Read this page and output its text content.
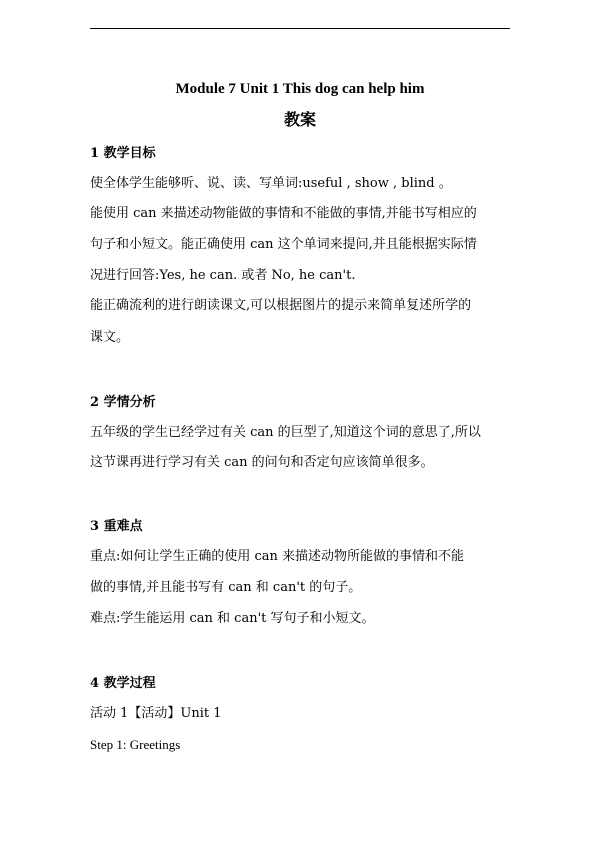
Module 7 Unit 1 This dog can help him
教案
1 教学目标
使全体学生能够听、说、读、写单词:useful , show , blind 。
能使用 can 来描述动物能做的事情和不能做的事情,并能书写相应的
句子和小短文。能正确使用 can 这个单词来提问,并且能根据实际情
况进行回答:Yes, he can. 或者 No, he can't.
能正确流利的进行朗读课文,可以根据图片的提示来简单复述所学的
课文。
2 学情分析
五年级的学生已经学过有关 can 的巨型了,知道这个词的意思了,所以
这节课再进行学习有关 can 的问句和否定句应该简单很多。
3 重难点
重点:如何让学生正确的使用 can 来描述动物所能做的事情和不能
做的事情,并且能书写有 can 和 can't 的句子。
难点:学生能运用 can 和 can't 写句子和小短文。
4 教学过程
活动 1【活动】Unit 1
Step 1: Greetings
